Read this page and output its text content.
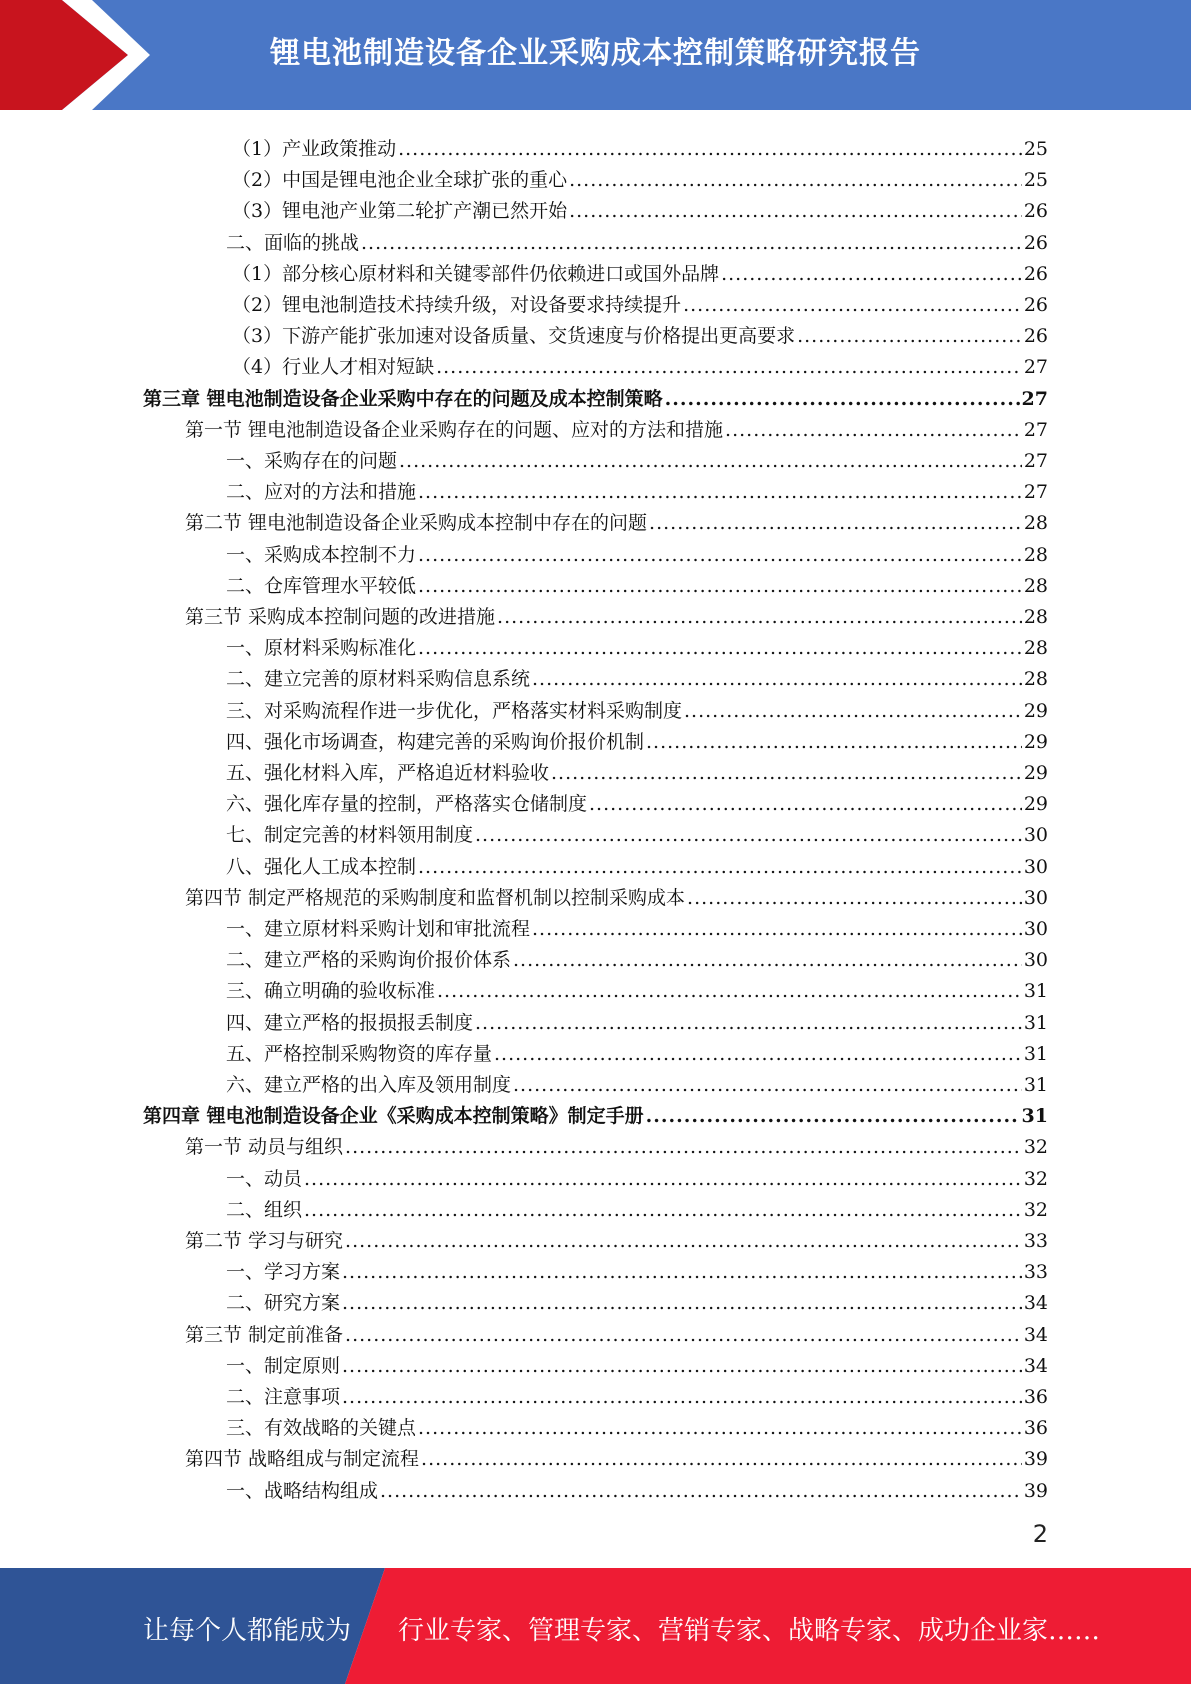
锂电池制造设备企业采购成本控制策略研究报告
（1）产业政策推动 .....	25
（2）中国是锂电池企业全球扩张的重心 .....	25
（3）锂电池产业第二轮扩产潮已然开始 .....	26
二、面临的挑战 .....	26
（1）部分核心原材料和关键零部件仍依赖进口或国外品牌 .....	26
（2）锂电池制造技术持续升级，对设备要求持续提升 .....	26
（3）下游产能扩张加速对设备质量、交货速度与价格提出更高要求 .....	26
（4）行业人才相对短缺 .....	27
第三章 锂电池制造设备企业采购中存在的问题及成本控制策略 .....	27
第一节 锂电池制造设备企业采购存在的问题、应对的方法和措施 .....	27
一、采购存在的问题 .....	27
二、应对的方法和措施 .....	27
第二节 锂电池制造设备企业采购成本控制中存在的问题 .....	28
一、采购成本控制不力 .....	28
二、仓库管理水平较低 .....	28
第三节 采购成本控制问题的改进措施 .....	28
一、原材料采购标准化 .....	28
二、建立完善的原材料采购信息系统 .....	28
三、对采购流程作进一步优化，严格落实材料采购制度 .....	29
四、强化市场调查，构建完善的采购询价报价机制 .....	29
五、强化材料入库，严格追近材料验收 .....	29
六、强化库存量的控制，严格落实仓储制度 .....	29
七、制定完善的材料领用制度 .....	30
八、强化人工成本控制 .....	30
第四节 制定严格规范的采购制度和监督机制以控制采购成本 .....	30
一、建立原材料采购计划和审批流程 .....	30
二、建立严格的采购询价报价体系 .....	30
三、确立明确的验收标准 .....	31
四、建立严格的报损报丢制度 .....	31
五、严格控制采购物资的库存量 .....	31
六、建立严格的出入库及领用制度 .....	31
第四章 锂电池制造设备企业《采购成本控制策略》制定手册 .....	31
第一节 动员与组织 .....	32
一、动员 .....	32
二、组织 .....	32
第二节 学习与研究 .....	33
一、学习方案 .....	33
二、研究方案 .....	34
第三节 制定前准备 .....	34
一、制定原则 .....	34
二、注意事项 .....	36
三、有效战略的关键点 .....	36
第四节 战略组成与制定流程 .....	39
一、战略结构组成 .....	39
2
让每个人都能成为 行业专家、管理专家、营销专家、战略专家、成功企业家……
